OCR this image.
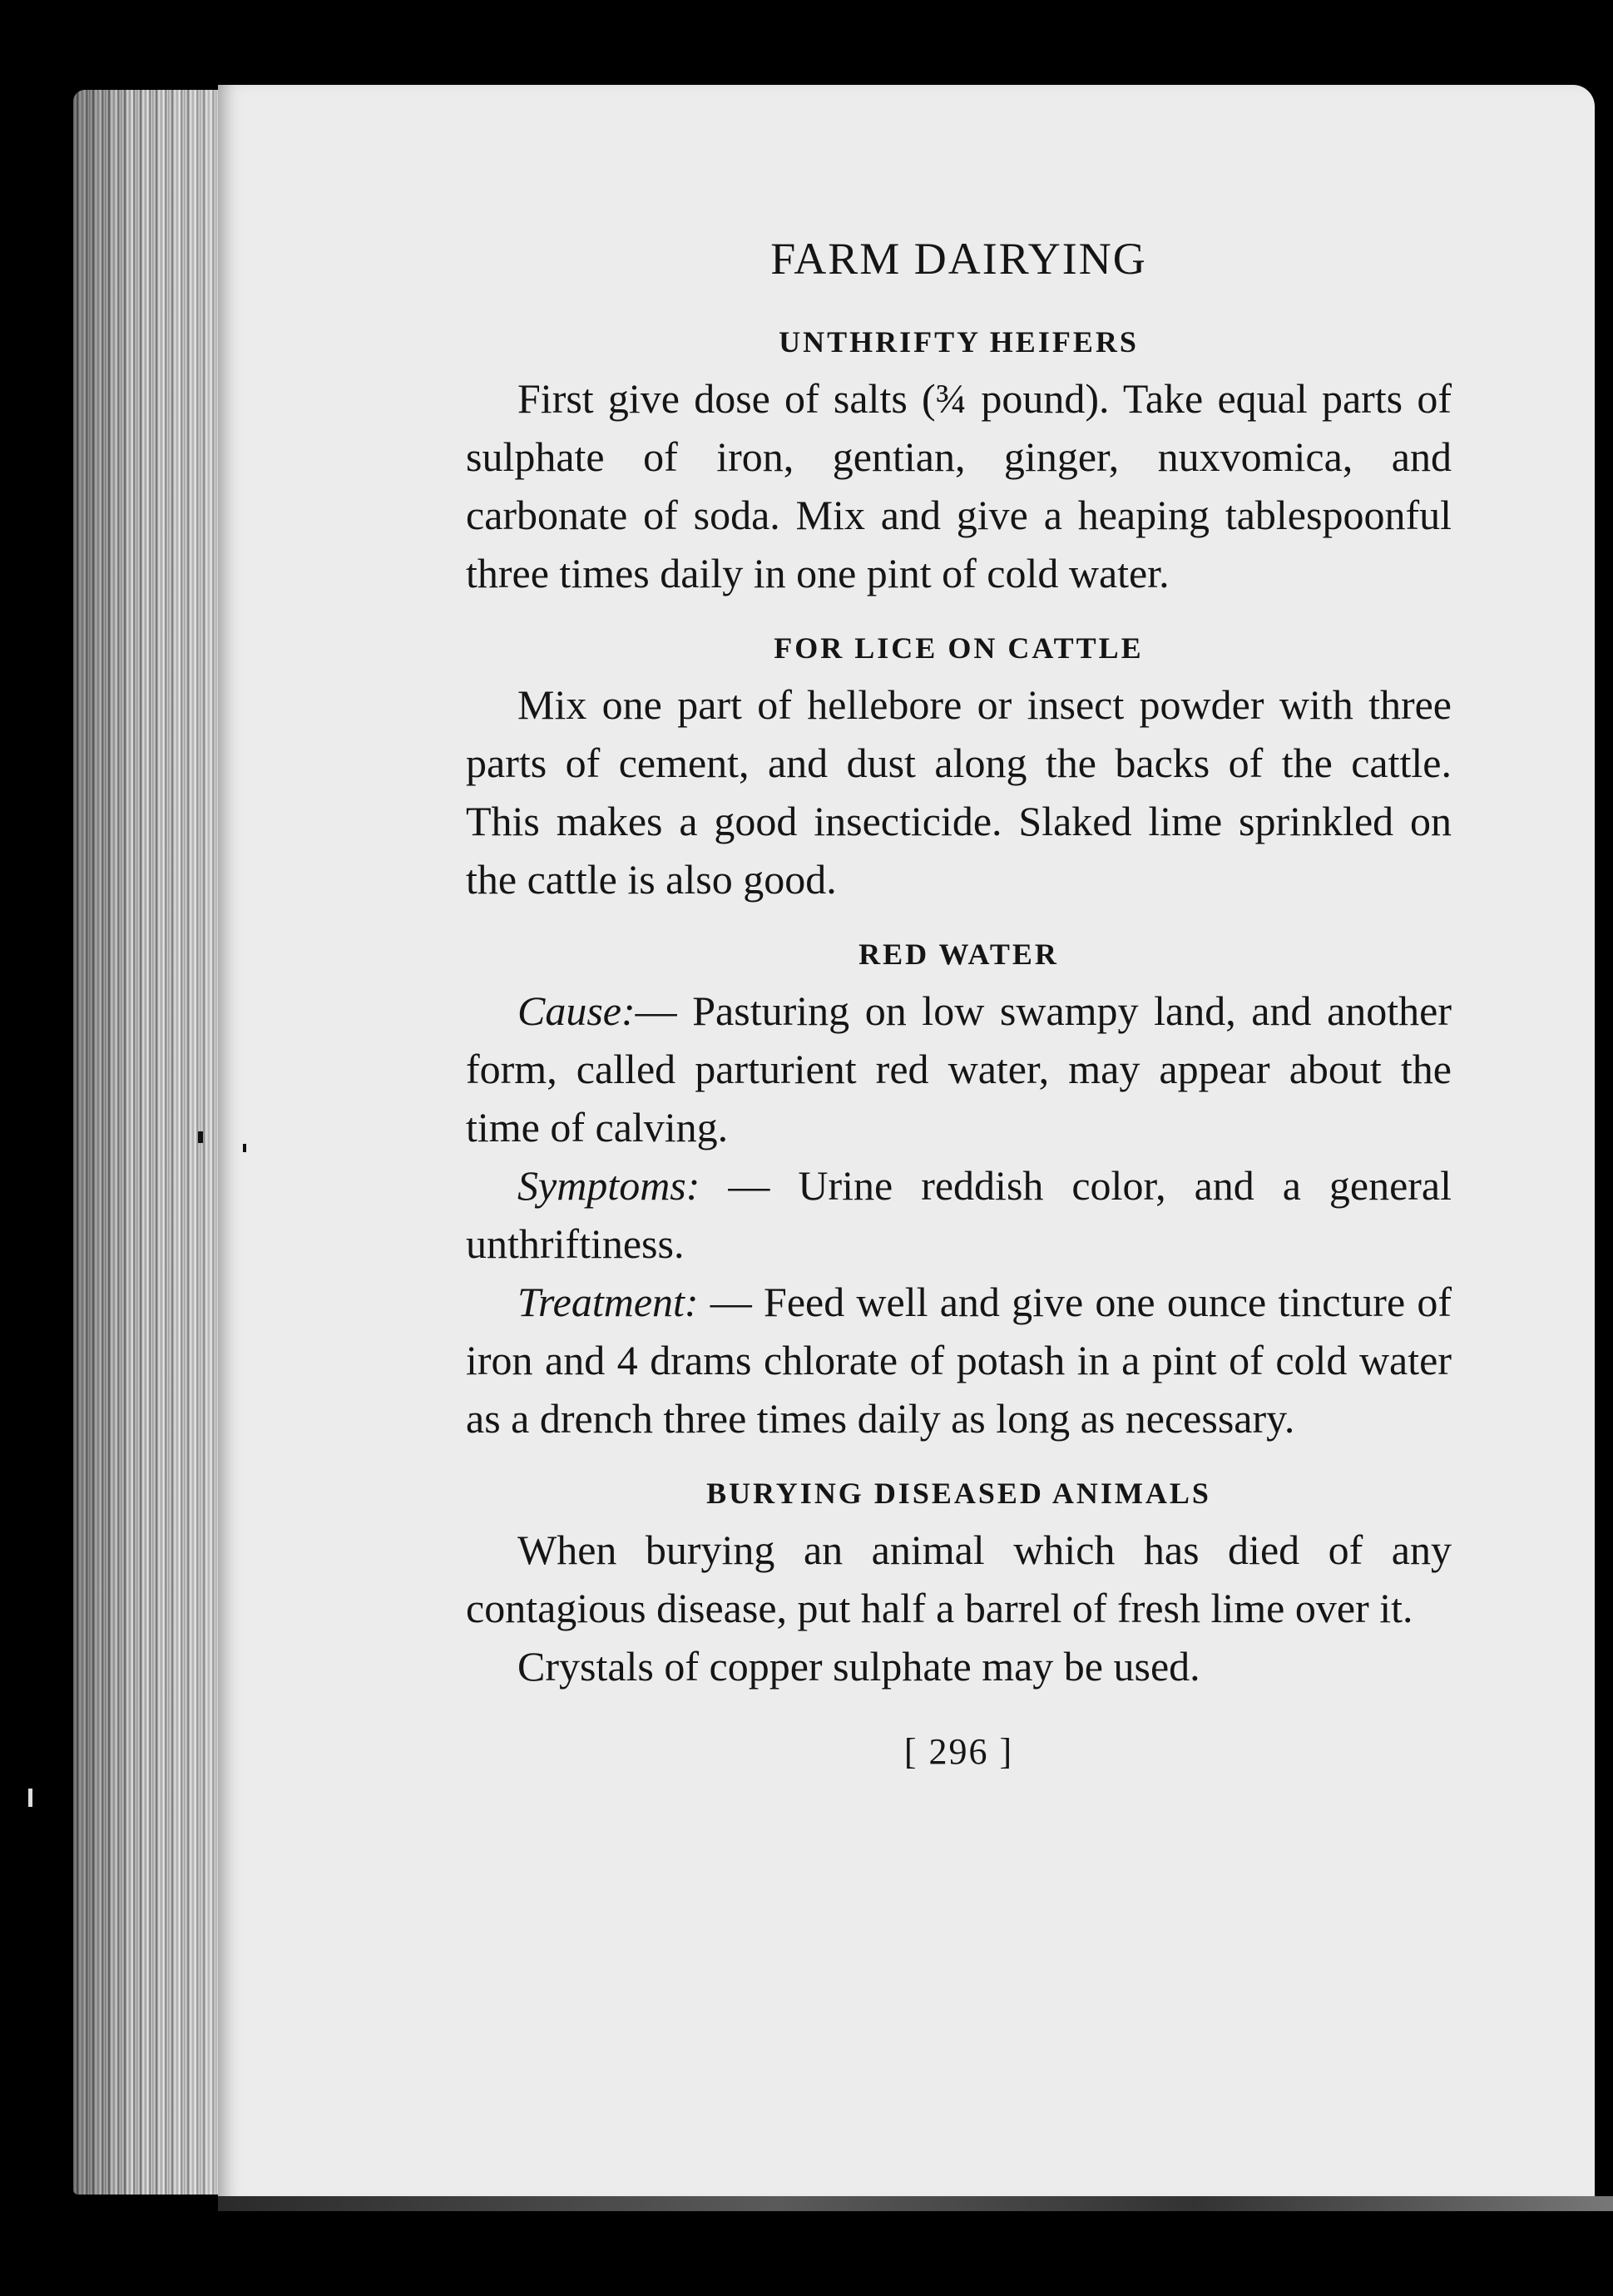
FARM DAIRYING
UNTHRIFTY HEIFERS

First give dose of salts (¾ pound). Take equal parts of sulphate of iron, gentian, ginger, nuxvomica, and carbonate of soda. Mix and give a heaping tablespoonful three times daily in one pint of cold water.

FOR LICE ON CATTLE

Mix one part of hellebore or insect powder with three parts of cement, and dust along the backs of the cattle. This makes a good insecticide. Slaked lime sprinkled on the cattle is also good.

RED WATER

Cause:— Pasturing on low swampy land, and another form, called parturient red water, may appear about the time of calving.

Symptoms: — Urine reddish color, and a general unthriftiness.

Treatment: — Feed well and give one ounce tincture of iron and 4 drams chlorate of potash in a pint of cold water as a drench three times daily as long as necessary.

BURYING DISEASED ANIMALS

When burying an animal which has died of any contagious disease, put half a barrel of fresh lime over it.

Crystals of copper sulphate may be used.

[ 296 ]
